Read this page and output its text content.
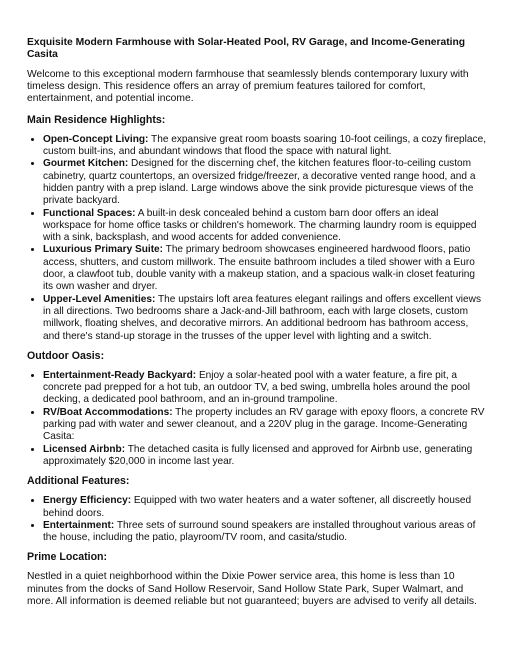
Exquisite Modern Farmhouse with Solar-Heated Pool, RV Garage, and Income-Generating Casita
Welcome to this exceptional modern farmhouse that seamlessly blends contemporary luxury with timeless design. This residence offers an array of premium features tailored for comfort, entertainment, and potential income.
Main Residence Highlights:
• Open-Concept Living: The expansive great room boasts soaring 10-foot ceilings, a cozy fireplace, custom built-ins, and abundant windows that flood the space with natural light.
• Gourmet Kitchen: Designed for the discerning chef, the kitchen features floor-to-ceiling custom cabinetry, quartz countertops, an oversized fridge/freezer, a decorative vented range hood, and a hidden pantry with a prep island. Large windows above the sink provide picturesque views of the private backyard.
• Functional Spaces: A built-in desk concealed behind a custom barn door offers an ideal workspace for home office tasks or children's homework. The charming laundry room is equipped with a sink, backsplash, and wood accents for added convenience.
• Luxurious Primary Suite: The primary bedroom showcases engineered hardwood floors, patio access, shutters, and custom millwork. The ensuite bathroom includes a tiled shower with a Euro door, a clawfoot tub, double vanity with a makeup station, and a spacious walk-in closet featuring its own washer and dryer.
• Upper-Level Amenities: The upstairs loft area features elegant railings and offers excellent views in all directions. Two bedrooms share a Jack-and-Jill bathroom, each with large closets, custom millwork, floating shelves, and decorative mirrors. An additional bedroom has bathroom access, and there's stand-up storage in the trusses of the upper level with lighting and a switch.
Outdoor Oasis:
• Entertainment-Ready Backyard: Enjoy a solar-heated pool with a water feature, a fire pit, a concrete pad prepped for a hot tub, an outdoor TV, a bed swing, umbrella holes around the pool decking, a dedicated pool bathroom, and an in-ground trampoline.
• RV/Boat Accommodations: The property includes an RV garage with epoxy floors, a concrete RV parking pad with water and sewer cleanout, and a 220V plug in the garage. Income-Generating Casita:
• Licensed Airbnb: The detached casita is fully licensed and approved for Airbnb use, generating approximately $20,000 in income last year.
Additional Features:
• Energy Efficiency: Equipped with two water heaters and a water softener, all discreetly housed behind doors.
• Entertainment: Three sets of surround sound speakers are installed throughout various areas of the house, including the patio, playroom/TV room, and casita/studio.
Prime Location:
Nestled in a quiet neighborhood within the Dixie Power service area, this home is less than 10 minutes from the docks of Sand Hollow Reservoir, Sand Hollow State Park, Super Walmart, and more. All information is deemed reliable but not guaranteed; buyers are advised to verify all details.
